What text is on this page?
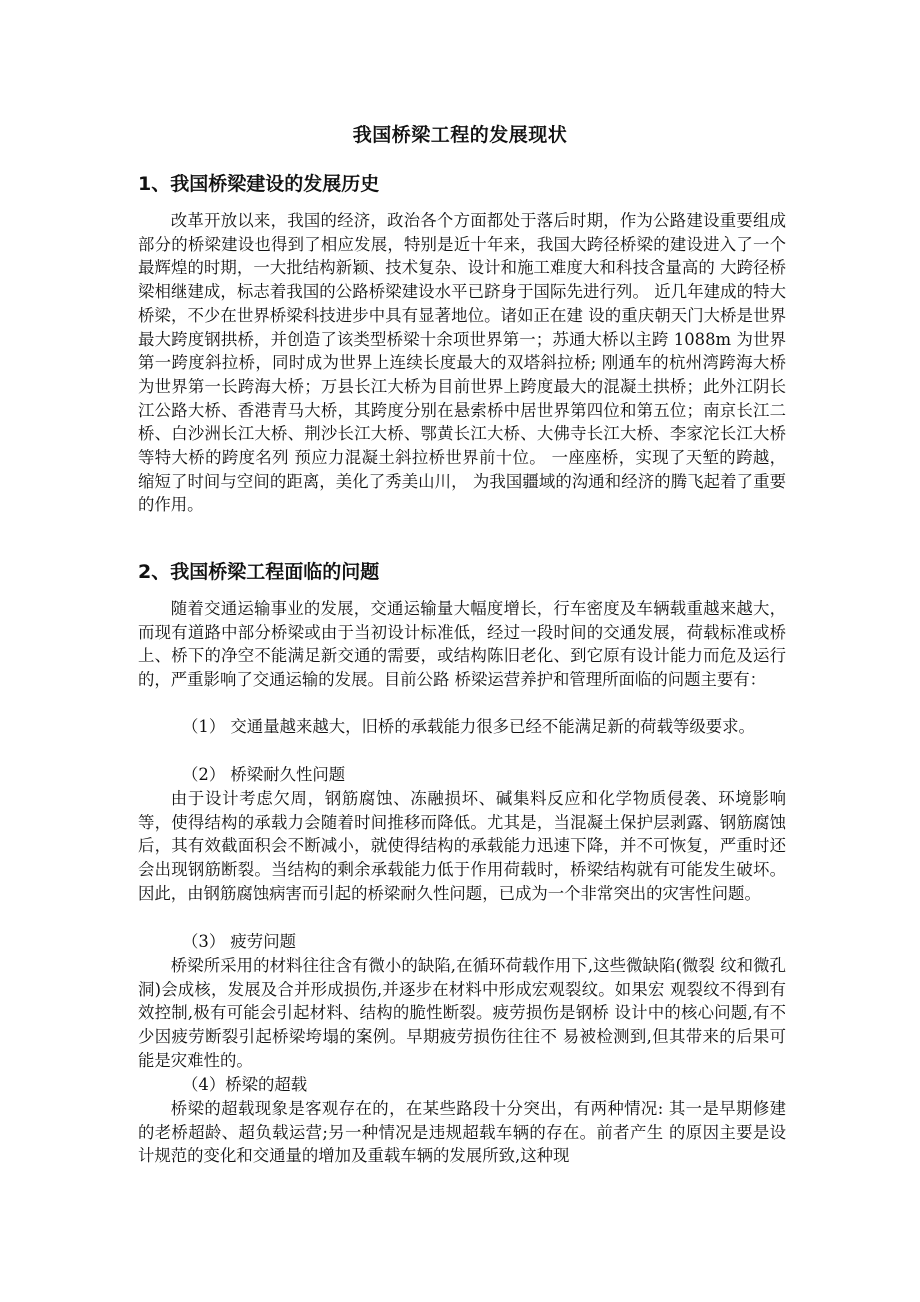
我国桥梁工程的发展现状
1、我国桥梁建设的发展历史

改革开放以来，我国的经济，政治各个方面都处于落后时期，作为公路建设重要组成部分的桥梁建设也得到了相应发展，特别是近十年来，我国大跨径桥梁的建设进入了一个 最辉煌的时期，一大批结构新颖、技术复杂、设计和施工难度大和科技含量高的 大跨径桥梁相继建成，标志着我国的公路桥梁建设水平已跻身于国际先进行列。 近几年建成的特大桥梁，不少在世界桥梁科技进步中具有显著地位。诸如正在建 设的重庆朝天门大桥是世界最大跨度钢拱桥，并创造了该类型桥梁十余项世界第一；苏通大桥以主跨 1088m 为世界第一跨度斜拉桥，同时成为世界上连续长度最大的双塔斜拉桥; 刚通车的杭州湾跨海大桥为世界第一长跨海大桥；万县长江大桥为目前世界上跨度最大的混凝土拱桥；此外江阴长江公路大桥、香港青马大桥，其跨度分别在悬索桥中居世界第四位和第五位；南京长江二桥、白沙洲长江大桥、荆沙长江大桥、鄂黄长江大桥、大佛寺长江大桥、李家沱长江大桥等特大桥的跨度名列 预应力混凝土斜拉桥世界前十位。 一座座桥，实现了天堑的跨越，缩短了时间与空间的距离，美化了秀美山川， 为我国疆域的沟通和经济的腾飞起着了重要的作用。

2、我国桥梁工程面临的问题

随着交通运输事业的发展，交通运输量大幅度增长，行车密度及车辆载重越来越大，而现有道路中部分桥梁或由于当初设计标准低，经过一段时间的交通发展，荷载标准或桥上、桥下的净空不能满足新交通的需要，或结构陈旧老化、到它原有设计能力而危及运行的，严重影响了交通运输的发展。目前公路 桥梁运营养护和管理所面临的问题主要有：

（1） 交通量越来越大，旧桥的承载能力很多已经不能满足新的荷载等级要求。

（2） 桥梁耐久性问题

由于设计考虑欠周，钢筋腐蚀、冻融损坏、碱集料反应和化学物质侵袭、环境影响等，使得结构的承载力会随着时间推移而降低。尤其是，当混凝土保护层剥露、钢筋腐蚀后，其有效截面积会不断减小，就使得结构的承载能力迅速下降，并不可恢复，严重时还会出现钢筋断裂。当结构的剩余承载能力低于作用荷载时，桥梁结构就有可能发生破坏。因此，由钢筋腐蚀病害而引起的桥梁耐久性问题，已成为一个非常突出的灾害性问题。

（3） 疲劳问题

桥梁所采用的材料往往含有微小的缺陷,在循环荷载作用下,这些微缺陷(微裂 纹和微孔洞)会成核，发展及合并形成损伤,并逐步在材料中形成宏观裂纹。如果宏 观裂纹不得到有效控制,极有可能会引起材料、结构的脆性断裂。疲劳损伤是钢桥 设计中的核心问题,有不少因疲劳断裂引起桥梁垮塌的案例。早期疲劳损伤往往不 易被检测到,但其带来的后果可能是灾难性的。

（4）桥梁的超载

桥梁的超载现象是客观存在的，在某些路段十分突出，有两种情况: 其一是早期修建的老桥超龄、超负载运营;另一种情况是违规超载车辆的存在。前者产生 的原因主要是设计规范的变化和交通量的增加及重载车辆的发展所致,这种现
